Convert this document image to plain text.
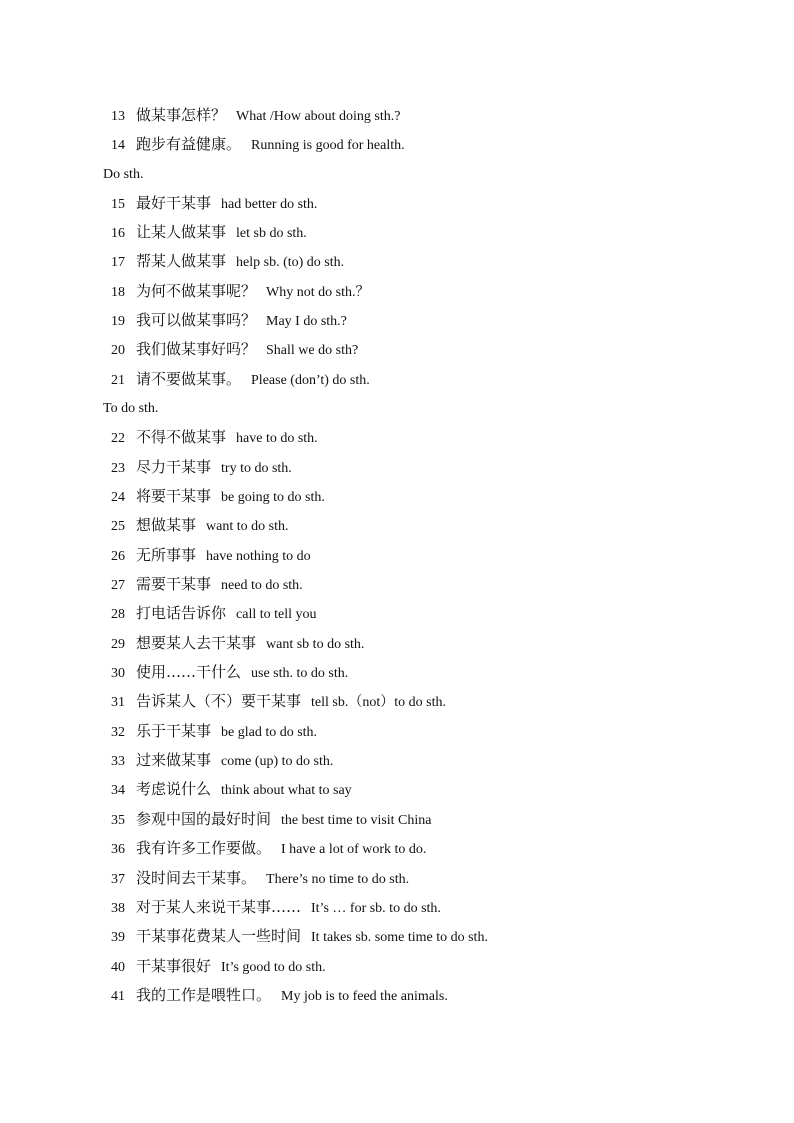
13 做某事怎样？ What /How about doing sth.?
14 跑步有益健康。 Running is good for health.
Do sth.
15 最好干某事 had better do sth.
16 让某人做某事 let sb do sth.
17 帮某人做某事 help sb. (to) do sth.
18 为何不做某事呢？ Why not do sth.？
19 我可以做某事吗？ May I do sth.?
20 我们做某事好吗？ Shall we do sth?
21 请不要做某事。 Please (don’t) do sth.
To do sth.
22 不得不做某事 have to do sth.
23 尽力干某事 try to do sth.
24 将要干某事 be going to do sth.
25 想做某事 want to do sth.
26 无所事事 have nothing to do
27 需要干某事 need to do sth.
28 打电话告诉你 call to tell you
29 想要某人去干某事 want sb to do sth.
30 使用……干什么 use sth. to do sth.
31 告诉某人（不）要干某事 tell sb.（not）to do sth.
32 乐于干某事 be glad to do sth.
33 过来做某事 come (up) to do sth.
34 考虑说什么 think about what to say
35 参观中国的最好时间 the best time to visit China
36 我有许多工作要做。 I have a lot of work to do.
37 没时间去干某事。 There’s no time to do sth.
38 对于某人来说干某事…… It’s … for sb. to do sth.
39 干某事花费某人一些时间 It takes sb. some time to do sth.
40 干某事很好 It’s good to do sth.
41 我的工作是喂牲口。 My job is to feed the animals.
